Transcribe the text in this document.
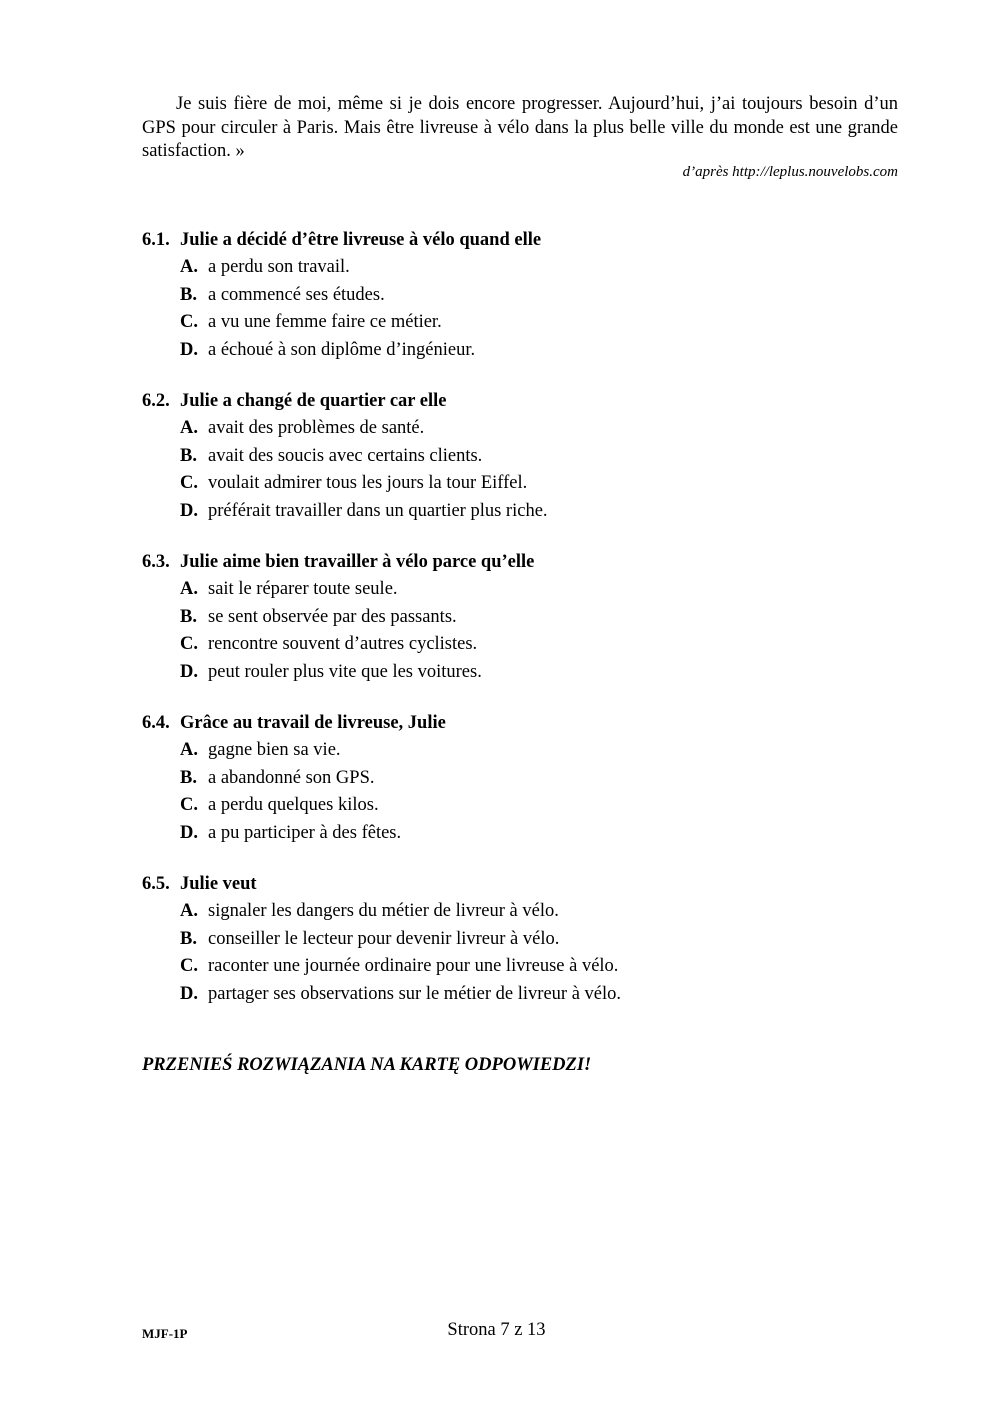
Je suis fière de moi, même si je dois encore progresser. Aujourd’hui, j’ai toujours besoin d’un GPS pour circuler à Paris. Mais être livreuse à vélo dans la plus belle ville du monde est une grande satisfaction. »

d’après http://leplus.nouvelobs.com
6.1. Julie a décidé d’être livreuse à vélo quand elle
A. a perdu son travail.
B. a commencé ses études.
C. a vu une femme faire ce métier.
D. a échoué à son diplôme d’ingénieur.
6.2. Julie a changé de quartier car elle
A. avait des problèmes de santé.
B. avait des soucis avec certains clients.
C. voulait admirer tous les jours la tour Eiffel.
D. préférait travailler dans un quartier plus riche.
6.3. Julie aime bien travailler à vélo parce qu’elle
A. sait le réparer toute seule.
B. se sent observée par des passants.
C. rencontre souvent d’autres cyclistes.
D. peut rouler plus vite que les voitures.
6.4. Grâce au travail de livreuse, Julie
A. gagne bien sa vie.
B. a abandonné son GPS.
C. a perdu quelques kilos.
D. a pu participer à des fêtes.
6.5. Julie veut
A. signaler les dangers du métier de livreur à vélo.
B. conseiller le lecteur pour devenir livreur à vélo.
C. raconter une journée ordinaire pour une livreuse à vélo.
D. partager ses observations sur le métier de livreur à vélo.
PRZENIEŚ ROZWIĄZANIA NA KARTĘ ODPOWIEDZI!
MJF-1P	Strona 7 z 13
